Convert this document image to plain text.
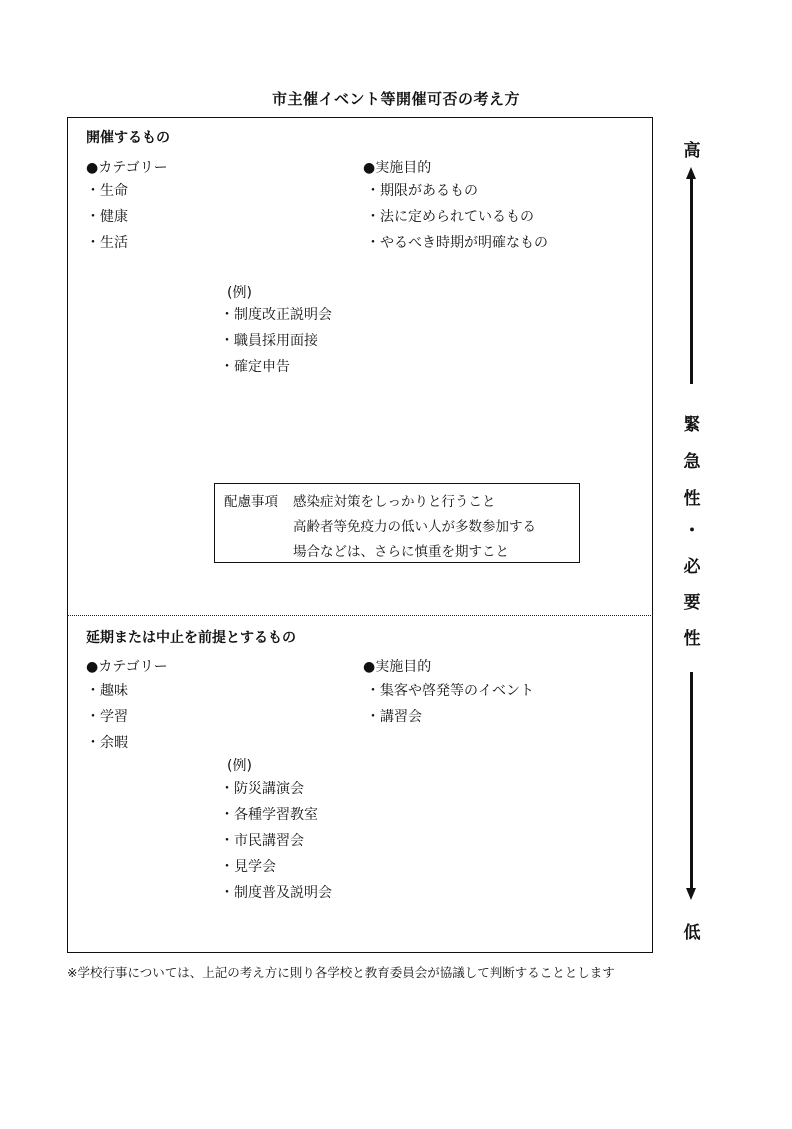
市主催イベント等開催可否の考え方
開催するもの
●カテゴリー
・生命
・健康
・生活
●実施目的
・期限があるもの
・法に定められているもの
・やるべき時期が明確なもの
(例)
・制度改正説明会
・職員採用面接
・確定申告
配慮事項 感染症対策をしっかりと行うこと
高齢者等免疫力の低い人が多数参加する
場合などは、さらに慎重を期すこと
延期または中止を前提とするもの
●カテゴリー
・趣味
・学習
・余暇
●実施目的
・集客や啓発等のイベント
・講習会
(例)
・防災講演会
・各種学習教室
・市民講習会
・見学会
・制度普及説明会
高
緊
急
性
・
必
要
性
低
※学校行事については、上記の考え方に則り各学校と教育委員会が協議して判断することとします
